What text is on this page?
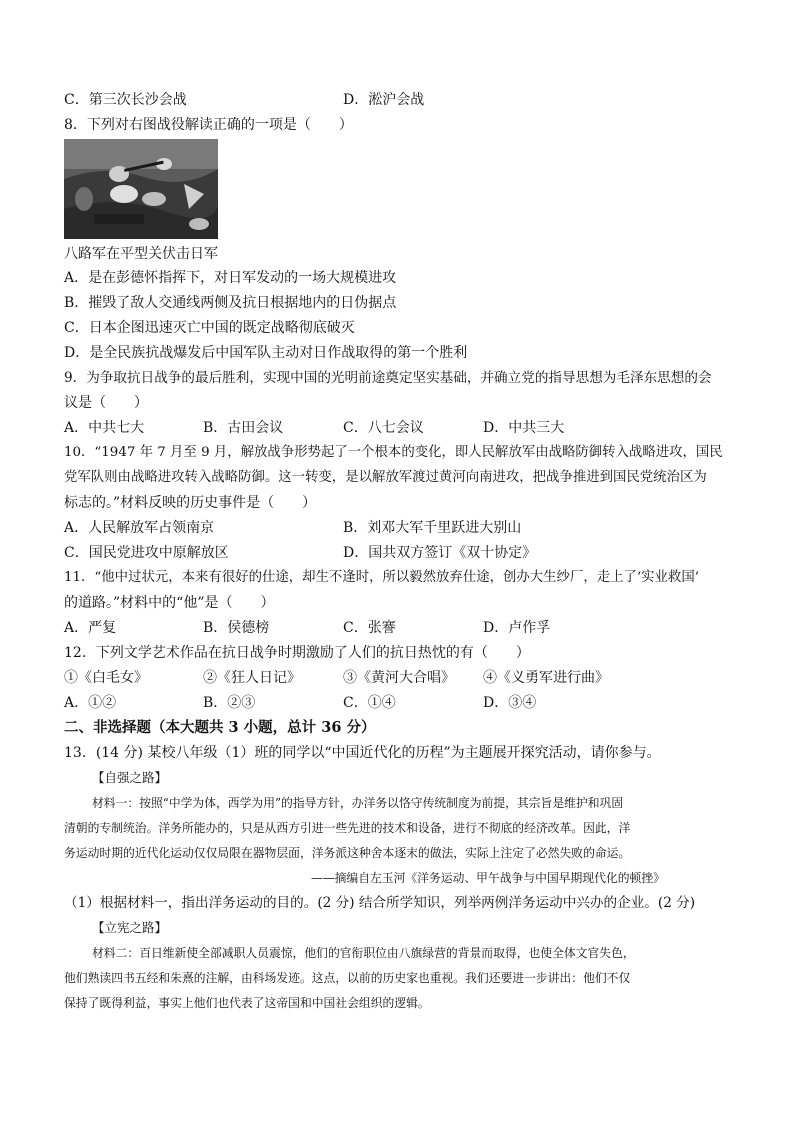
C．第三次长沙会战	D．淞沪会战
8．下列对右图战役解读正确的一项是（　　）
八路军在平型关伏击日军
A．是在彭德怀指挥下，对日军发动的一场大规模进攻
B．摧毁了敌人交通线两侧及抗日根据地内的日伪据点
C．日本企图迅速灭亡中国的既定战略彻底破灭
D．是全民族抗战爆发后中国军队主动对日作战取得的第一个胜利
9．为争取抗日战争的最后胜利，实现中国的光明前途奠定坚实基础，并确立党的指导思想为毛泽东思想的会
议是（　　）
A．中共七大	B．古田会议	C．八七会议	D．中共三大
10．“1947 年 7 月至 9 月，解放战争形势起了一个根本的变化，即人民解放军由战略防御转入战略进攻，国民
党军队则由战略进攻转入战略防御。这一转变，是以解放军渡过黄河向南进攻，把战争推进到国民党统治区为
标志的。”材料反映的历史事件是（　　）
A．人民解放军占领南京	B．刘邓大军千里跃进大别山
C．国民党进攻中原解放区	D．国共双方签订《双十协定》
11．“他中过状元，本来有很好的仕途，却生不逢时，所以毅然放弃仕途，创办大生纱厂，走上了‘实业救国’
的道路。”材料中的“他”是（　　）
A．严复	B．侯德榜	C．张謇	D．卢作孚
12．下列文学艺术作品在抗日战争时期激励了人们的抗日热忱的有（　　）
①《白毛女》	②《狂人日记》	③《黄河大合唱》 ④《义勇军进行曲》
A．①②	B．②③	C．①④	D．③④
二、非选择题（本大题共 3 小题，总计 36 分）
13．(14 分) 某校八年级（1）班的同学以“中国近代化的历程”为主题展开探究活动，请你参与。
【自强之路】
材料一：按照“中学为体，西学为用”的指导方针，办洋务以恪守传统制度为前提，其宗旨是维护和巩固
清朝的专制统治。洋务所能办的，只是从西方引进一些先进的技术和设备，进行不彻底的经济改革。因此，洋
务运动时期的近代化运动仅仅局限在器物层面，洋务派这种舍本逐末的做法，实际上注定了必然失败的命运。
——摘编自左玉河《洋务运动、甲午战争与中国早期现代化的顿挫》
（1）根据材料一，指出洋务运动的目的。(2 分) 结合所学知识，列举两例洋务运动中兴办的企业。(2 分)
【立宪之路】
材料二：百日维新使全部减职人员震惊，他们的官衔职位由八旗绿营的背景而取得，也使全体文官失色，
他们熟读四书五经和朱熹的注解，由科场发迹。这点，以前的历史家也重视。我们还要进一步讲出：他们不仅
保持了既得利益，事实上他们也代表了这帝国和中国社会组织的逻辑。
